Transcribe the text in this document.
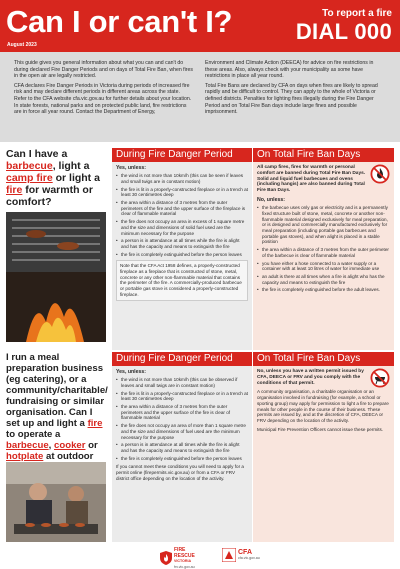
Can I or can't I?
August 2023
To report a fire
DIAL 000

This guide gives you general information about what you can and can't do during declared Fire Danger Periods and on days of Total Fire Ban, when fires in the open air are legally restricted.

CFA declares Fire Danger Periods in Victoria during periods of increased fire risk and may declare different periods in different areas across the state. Refer to the CFA website cfa.vic.gov.au for further details about your location. In state forests, national parks and on protected public land, fire restrictions are in force all year round. Contact the Department of Energy,

Environment and Climate Action (DEECA) for advice on fire restrictions in these areas. Also, always check with your municipality as some have restrictions in place all year round.

Total Fire Bans are declared by CFA on days when fires are likely to spread rapidly and be difficult to control. They can apply to the whole of Victoria or defined districts. Penalties for lighting fires illegally during the Fire Danger Period and on Total Fire Ban days include large fines and possible imprisonment.

Can I have a barbecue, light a camp fire or light a fire for warmth or comfort?
I run a meal preparation business (eg catering), or a community/charitable/ fundraising or similar organisation. Can I set up and light a fire to operate a barbecue, cooker or hotplate at outdoor
During Fire Danger Period	On Total Fire Ban Days
Yes, unless:
• the wind is not more than 10km/h (this can be seen if leaves and small twigs are in constant motion)
• the fire is lit in a properly-constructed fireplace or in a trench at least 30 centimetres deep
• the area within a distance of 3 metres from the outer perimeters of the fire and the upper surface of the fireplace is clear of flammable material
• the fire does not occupy an area in excess of 1 square metre and the size and dimensions of solid fuel used are the minimum necessary for the purpose
• a person is in attendance at all times while the fire is alight and has the capacity and means to extinguish the fire
• the fire is completely extinguished before the person leaves
Note that the CFA Act 1958 defines, a properly-constructed fireplace as a fireplace that is constructed of stone, metal, concrete or any other non-flammable material that contains the perimeter of the fire. A commercially-produced barbecue or portable gas stove is considered a properly-constructed fireplace.
All camp fires, fires for warmth or personal comfort are banned during Total Fire Ban Days. Solid and liquid fuel barbecues and ovens (including hangis) are also banned during Total Fire Ban Days.
No, unless:
• the barbecue uses only gas or electricity and is a permanently fixed structure built of stone, metal, concrete or another non-flammable material designed exclusively for meal preparation, or is designed and commercially manufactured exclusively for meal preparation (including portable gas barbecues and portable gas stoves), and when alight is placed in a stable position
• the area within a distance of 3 metres from the outer perimeter of the barbecue is clear of flammable material
• you have either a hose connected to a water supply or a container with at least 10 litres of water for immediate use
• an adult is there at all times when a fire is alight who has the capacity and means to extinguish the fire
• the fire is completely extinguished before the adult leaves.
During Fire Danger Period	On Total Fire Ban Days
Yes, unless:
• the wind is not more than 10km/h (this can be observed if leaves and small twigs are in constant motion)
• the fire is lit in a properly-constructed fireplace or in a trench at least 30 centimetres deep
• the area within a distance of 3 metres from the outer perimeters and the upper surface of the fire is clear of flammable material
• the fire does not occupy an area of more than 1 square metre and the size and dimensions of fuel used are the minimum necessary for the purpose
• a person is in attendance at all times while the fire is alight and has the capacity and means to extinguish the fire
• the fire is completely extinguished before the person leaves
If you cannot meet these conditions you will need to apply for a permit online (firepermits.vic.gov.au) or from a CFA or FRV district office depending on the location of the activity.
No, unless you have a written permit issued by CFA, DEECA or FRV and you comply with the conditions of that permit.
A community organisation, a charitable organisation or an organisation involved in fundraising (for example, a school or sporting group) may apply for permission to light a fire to prepare meals for other people in the course of their business. These permits are issued by, and at the discretion of CFA, DEECA or FRV depending on the location of the activity.
Municipal Fire Prevention Officers cannot issue these permits.
FIRE
RESCUE
VICTORIA
frv.vic.gov.au
CFA
cfa.vic.gov.au
